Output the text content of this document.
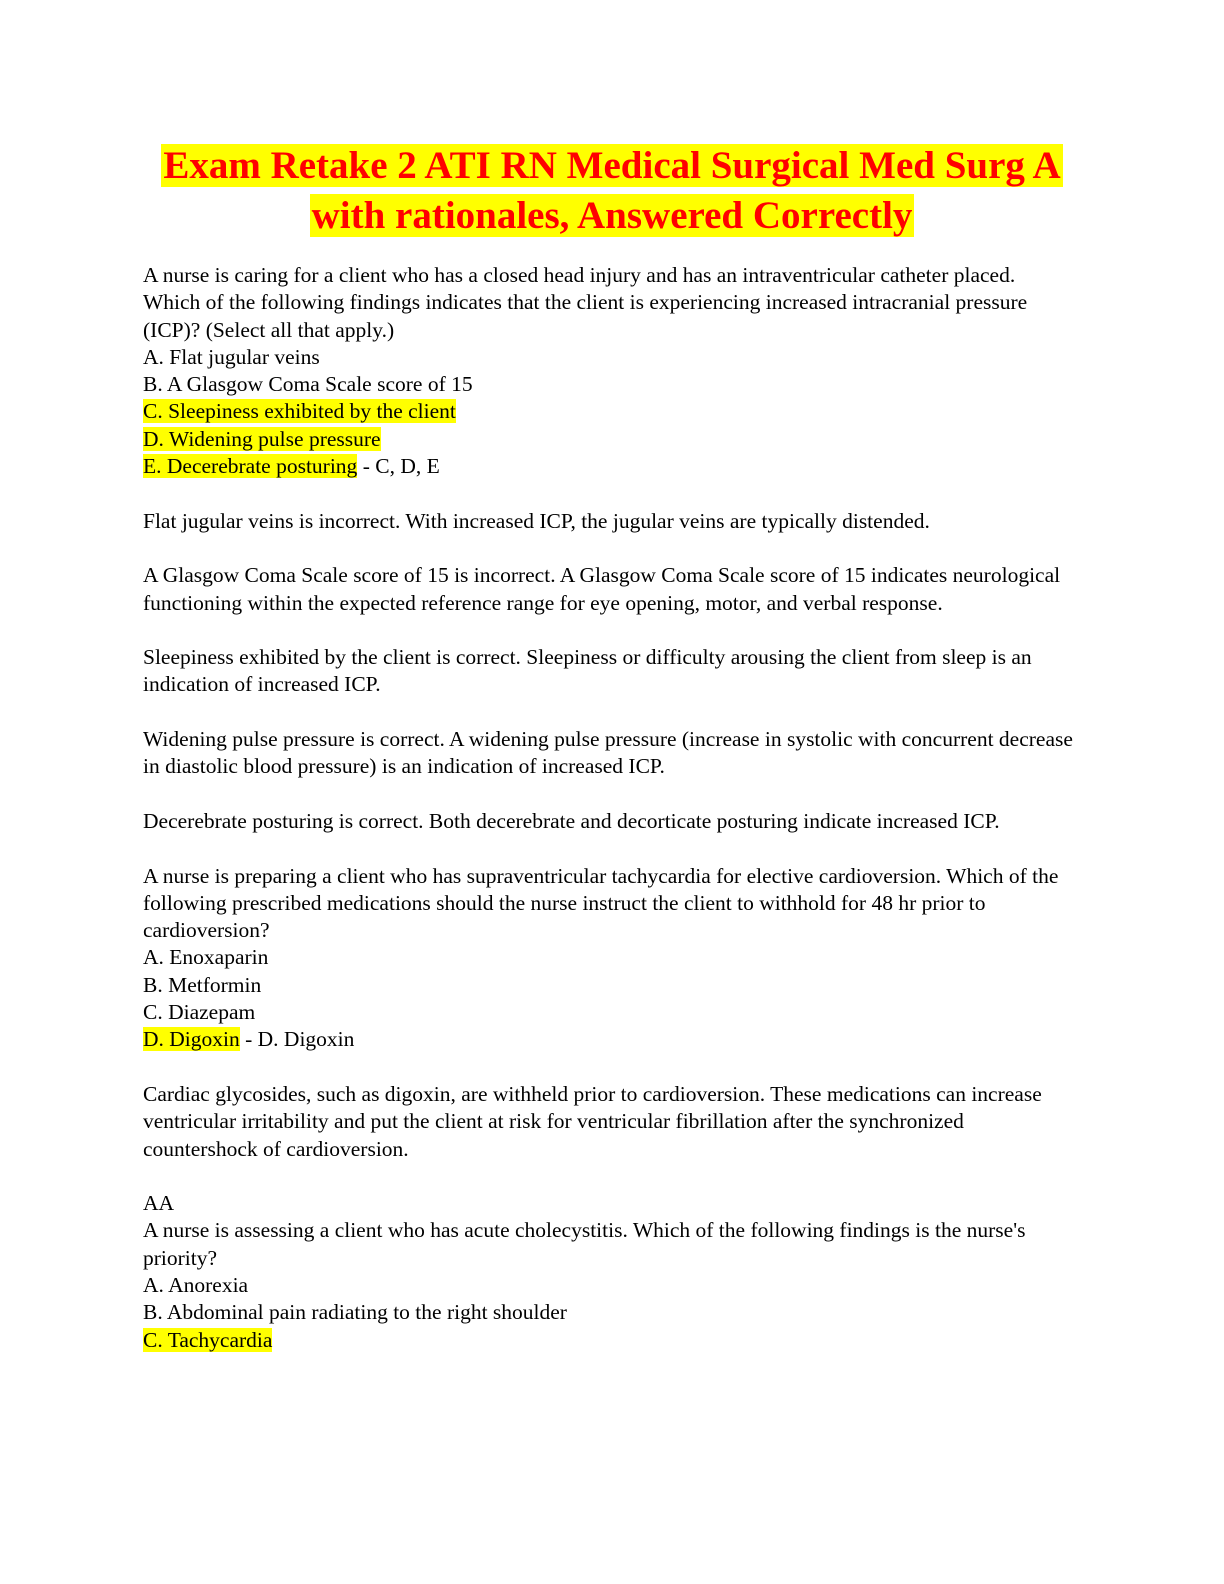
Exam Retake 2 ATI RN Medical Surgical Med Surg A
with rationales, Answered Correctly

A nurse is caring for a client who has a closed head injury and has an intraventricular catheter placed. Which of the following findings indicates that the client is experiencing increased intracranial pressure (ICP)? (Select all that apply.)

A. Flat jugular veins

B. A Glasgow Coma Scale score of 15

C. Sleepiness exhibited by the client

D. Widening pulse pressure

E. Decerebrate posturing - C, D, E

Flat jugular veins is incorrect. With increased ICP, the jugular veins are typically distended.

A Glasgow Coma Scale score of 15 is incorrect. A Glasgow Coma Scale score of 15 indicates neurological functioning within the expected reference range for eye opening, motor, and verbal response.

Sleepiness exhibited by the client is correct. Sleepiness or difficulty arousing the client from sleep is an indication of increased ICP.

Widening pulse pressure is correct. A widening pulse pressure (increase in systolic with concurrent decrease in diastolic blood pressure) is an indication of increased ICP.

Decerebrate posturing is correct. Both decerebrate and decorticate posturing indicate increased ICP.

A nurse is preparing a client who has supraventricular tachycardia for elective cardioversion. Which of the following prescribed medications should the nurse instruct the client to withhold for 48 hr prior to cardioversion?

A. Enoxaparin

B. Metformin

C. Diazepam

D. Digoxin - D. Digoxin

Cardiac glycosides, such as digoxin, are withheld prior to cardioversion. These medications can increase ventricular irritability and put the client at risk for ventricular fibrillation after the synchronized countershock of cardioversion.

AA

A nurse is assessing a client who has acute cholecystitis. Which of the following findings is the nurse's priority?

A. Anorexia

B. Abdominal pain radiating to the right shoulder

C. Tachycardia
